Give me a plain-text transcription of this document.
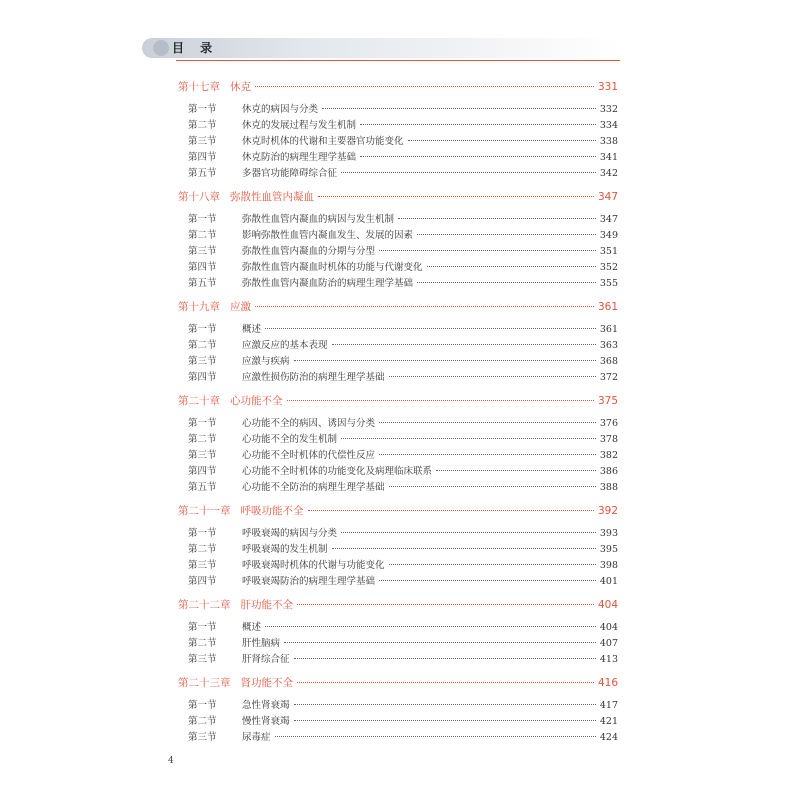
目 录
第十七章 休克	331
第一节	休克的病因与分类	332
第二节	休克的发展过程与发生机制	334
第三节	休克时机体的代谢和主要器官功能变化	338
第四节	休克防治的病理生理学基础	341
第五节	多器官功能障碍综合征	342
第十八章 弥散性血管内凝血	347
第一节	弥散性血管内凝血的病因与发生机制	347
第二节	影响弥散性血管内凝血发生、发展的因素	349
第三节	弥散性血管内凝血的分期与分型	351
第四节	弥散性血管内凝血时机体的功能与代谢变化	352
第五节	弥散性血管内凝血防治的病理生理学基础	355
第十九章 应激	361
第一节	概述	361
第二节	应激反应的基本表现	363
第三节	应激与疾病	368
第四节	应激性损伤防治的病理生理学基础	372
第二十章 心功能不全	375
第一节	心功能不全的病因、诱因与分类	376
第二节	心功能不全的发生机制	378
第三节	心功能不全时机体的代偿性反应	382
第四节	心功能不全时机体的功能变化及病理临床联系	386
第五节	心功能不全防治的病理生理学基础	388
第二十一章 呼吸功能不全	392
第一节	呼吸衰竭的病因与分类	393
第二节	呼吸衰竭的发生机制	395
第三节	呼吸衰竭时机体的代谢与功能变化	398
第四节	呼吸衰竭防治的病理生理学基础	401
第二十二章 肝功能不全	404
第一节	概述	404
第二节	肝性脑病	407
第三节	肝肾综合征	413
第二十三章 肾功能不全	416
第一节	急性肾衰竭	417
第二节	慢性肾衰竭	421
第三节	尿毒症	424
4
